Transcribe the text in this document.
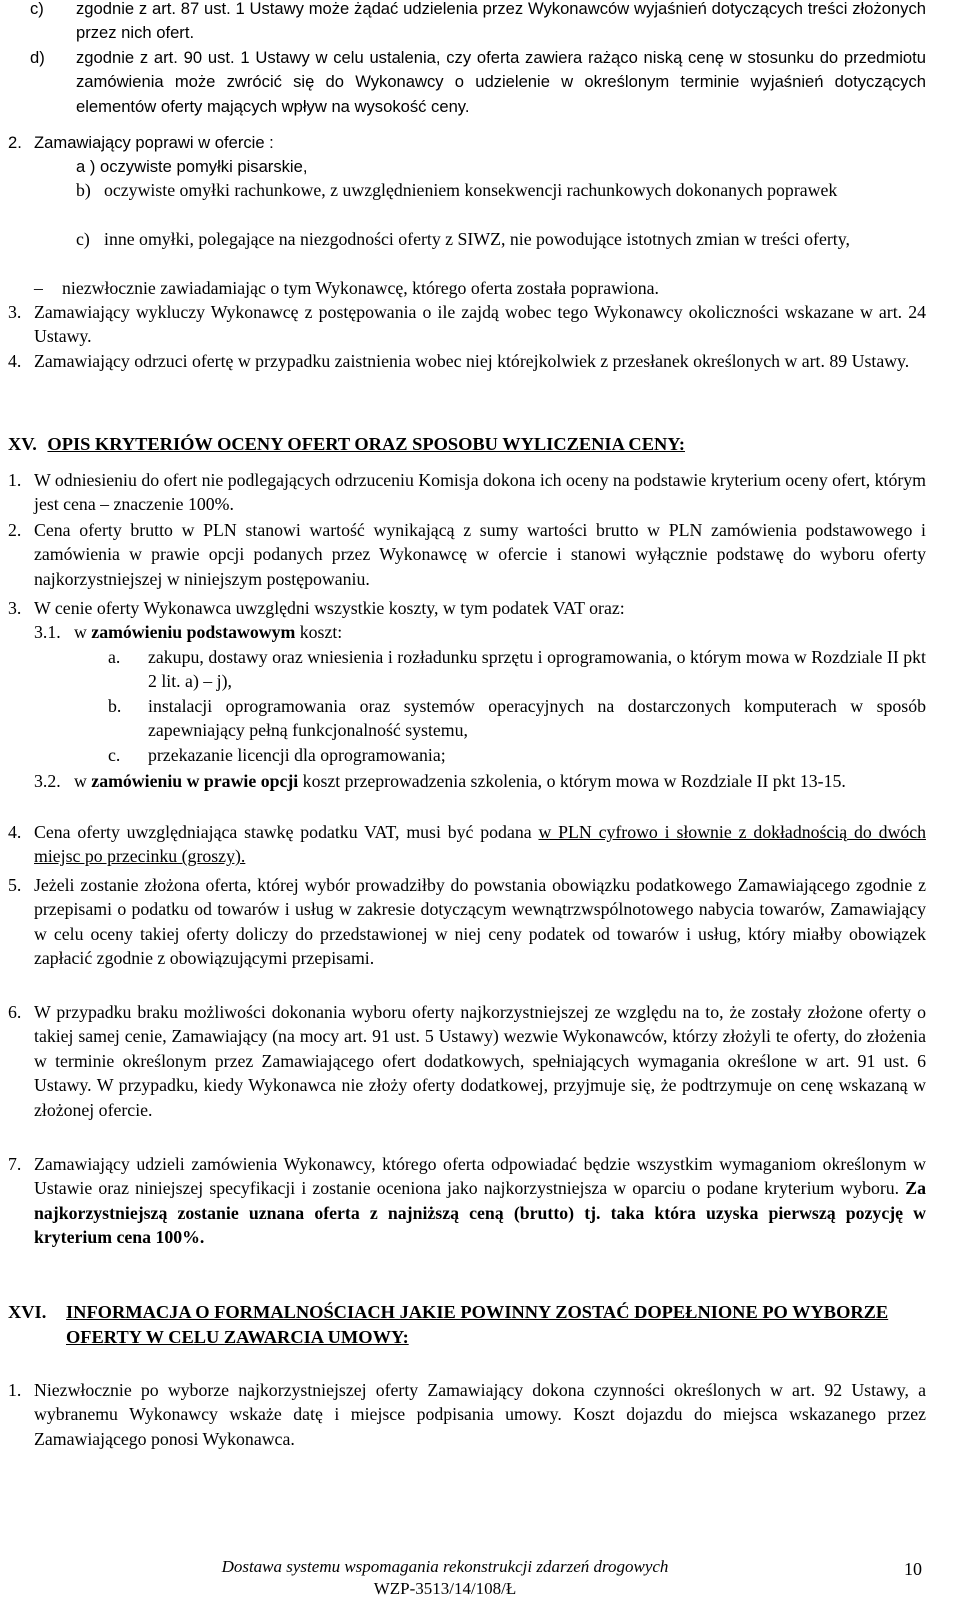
c) zgodnie z art. 87 ust. 1 Ustawy może żądać udzielenia przez Wykonawców wyjaśnień dotyczących treści złożonych przez nich ofert.
d) zgodnie z art. 90 ust. 1 Ustawy w celu ustalenia, czy oferta zawiera rażąco niską cenę w stosunku do przedmiotu zamówienia może zwrócić się do Wykonawcy o udzielenie w określonym terminie wyjaśnień dotyczących elementów oferty mających wpływ na wysokość ceny.
2. Zamawiający poprawi w ofercie :
a ) oczywiste pomyłki pisarskie,
b) oczywiste omyłki rachunkowe, z uwzględnieniem konsekwencji rachunkowych dokonanych poprawek
c) inne omyłki, polegające na niezgodności oferty z SIWZ, nie powodujące istotnych zmian w treści oferty,
– niezwłocznie zawiadamiając o tym Wykonawcę, którego oferta została poprawiona.
3. Zamawiający wykluczy Wykonawcę z postępowania o ile zajdą wobec tego Wykonawcy okoliczności wskazane w art. 24 Ustawy.
4. Zamawiający odrzuci ofertę w przypadku zaistnienia wobec niej którejkolwiek z przesłanek określonych w art. 89 Ustawy.
XV. OPIS KRYTERIÓW OCENY OFERT ORAZ SPOSOBU WYLICZENIA CENY:
1. W odniesieniu do ofert nie podlegających odrzuceniu Komisja dokona ich oceny na podstawie kryterium oceny ofert, którym jest cena – znaczenie 100%.
2. Cena oferty brutto w PLN stanowi wartość wynikającą z sumy wartości brutto w PLN zamówienia podstawowego i zamówienia w prawie opcji podanych przez Wykonawcę w ofercie i stanowi wyłącznie podstawę do wyboru oferty najkorzystniejszej w niniejszym postępowaniu.
3. W cenie oferty Wykonawca uwzględni wszystkie koszty, w tym podatek VAT oraz:
3.1. w zamówieniu podstawowym koszt:
a. zakupu, dostawy oraz wniesienia i rozładunku sprzętu i oprogramowania, o którym mowa w Rozdziale II pkt 2 lit. a) – j),
b. instalacji oprogramowania oraz systemów operacyjnych na dostarczonych komputerach w sposób zapewniający pełną funkcjonalność systemu,
c. przekazanie licencji dla oprogramowania;
3.2. w zamówieniu w prawie opcji koszt przeprowadzenia szkolenia, o którym mowa w Rozdziale II pkt 13-15.
4. Cena oferty uwzględniająca stawkę podatku VAT, musi być podana w PLN cyfrowo i słownie z dokładnością do dwóch miejsc po przecinku (groszy).
5. Jeżeli zostanie złożona oferta, której wybór prowadziłby do powstania obowiązku podatkowego Zamawiającego zgodnie z przepisami o podatku od towarów i usług w zakresie dotyczącym wewnątrzwspólnotowego nabycia towarów, Zamawiający w celu oceny takiej oferty doliczy do przedstawionej w niej ceny podatek od towarów i usług, który miałby obowiązek zapłacić zgodnie z obowiązującymi przepisami.
6. W przypadku braku możliwości dokonania wyboru oferty najkorzystniejszej ze względu na to, że zostały złożone oferty o takiej samej cenie, Zamawiający (na mocy art. 91 ust. 5 Ustawy) wezwie Wykonawców, którzy złożyli te oferty, do złożenia w terminie określonym przez Zamawiającego ofert dodatkowych, spełniających wymagania określone w art. 91 ust. 6 Ustawy. W przypadku, kiedy Wykonawca nie złoży oferty dodatkowej, przyjmuje się, że podtrzymuje on cenę wskazaną w złożonej ofercie.
7. Zamawiający udzieli zamówienia Wykonawcy, którego oferta odpowiadać będzie wszystkim wymaganiom określonym w Ustawie oraz niniejszej specyfikacji i zostanie oceniona jako najkorzystniejsza w oparciu o podane kryterium wyboru. Za najkorzystniejszą zostanie uznana oferta z najniższą ceną (brutto) tj. taka która uzyska pierwszą pozycję w kryterium cena 100%.
XVI. INFORMACJA O FORMALNOŚCIACH JAKIE POWINNY ZOSTAĆ DOPEŁNIONE PO WYBORZE OFERTY W CELU ZAWARCIA UMOWY:
1. Niezwłocznie po wyborze najkorzystniejszej oferty Zamawiający dokona czynności określonych w art. 92 Ustawy, a wybranemu Wykonawcy wskaże datę i miejsce podpisania umowy. Koszt dojazdu do miejsca wskazanego przez Zamawiającego ponosi Wykonawca.
Dostawa systemu wspomagania rekonstrukcji zdarzeń drogowych
WZP-3513/14/108/Ł
10
